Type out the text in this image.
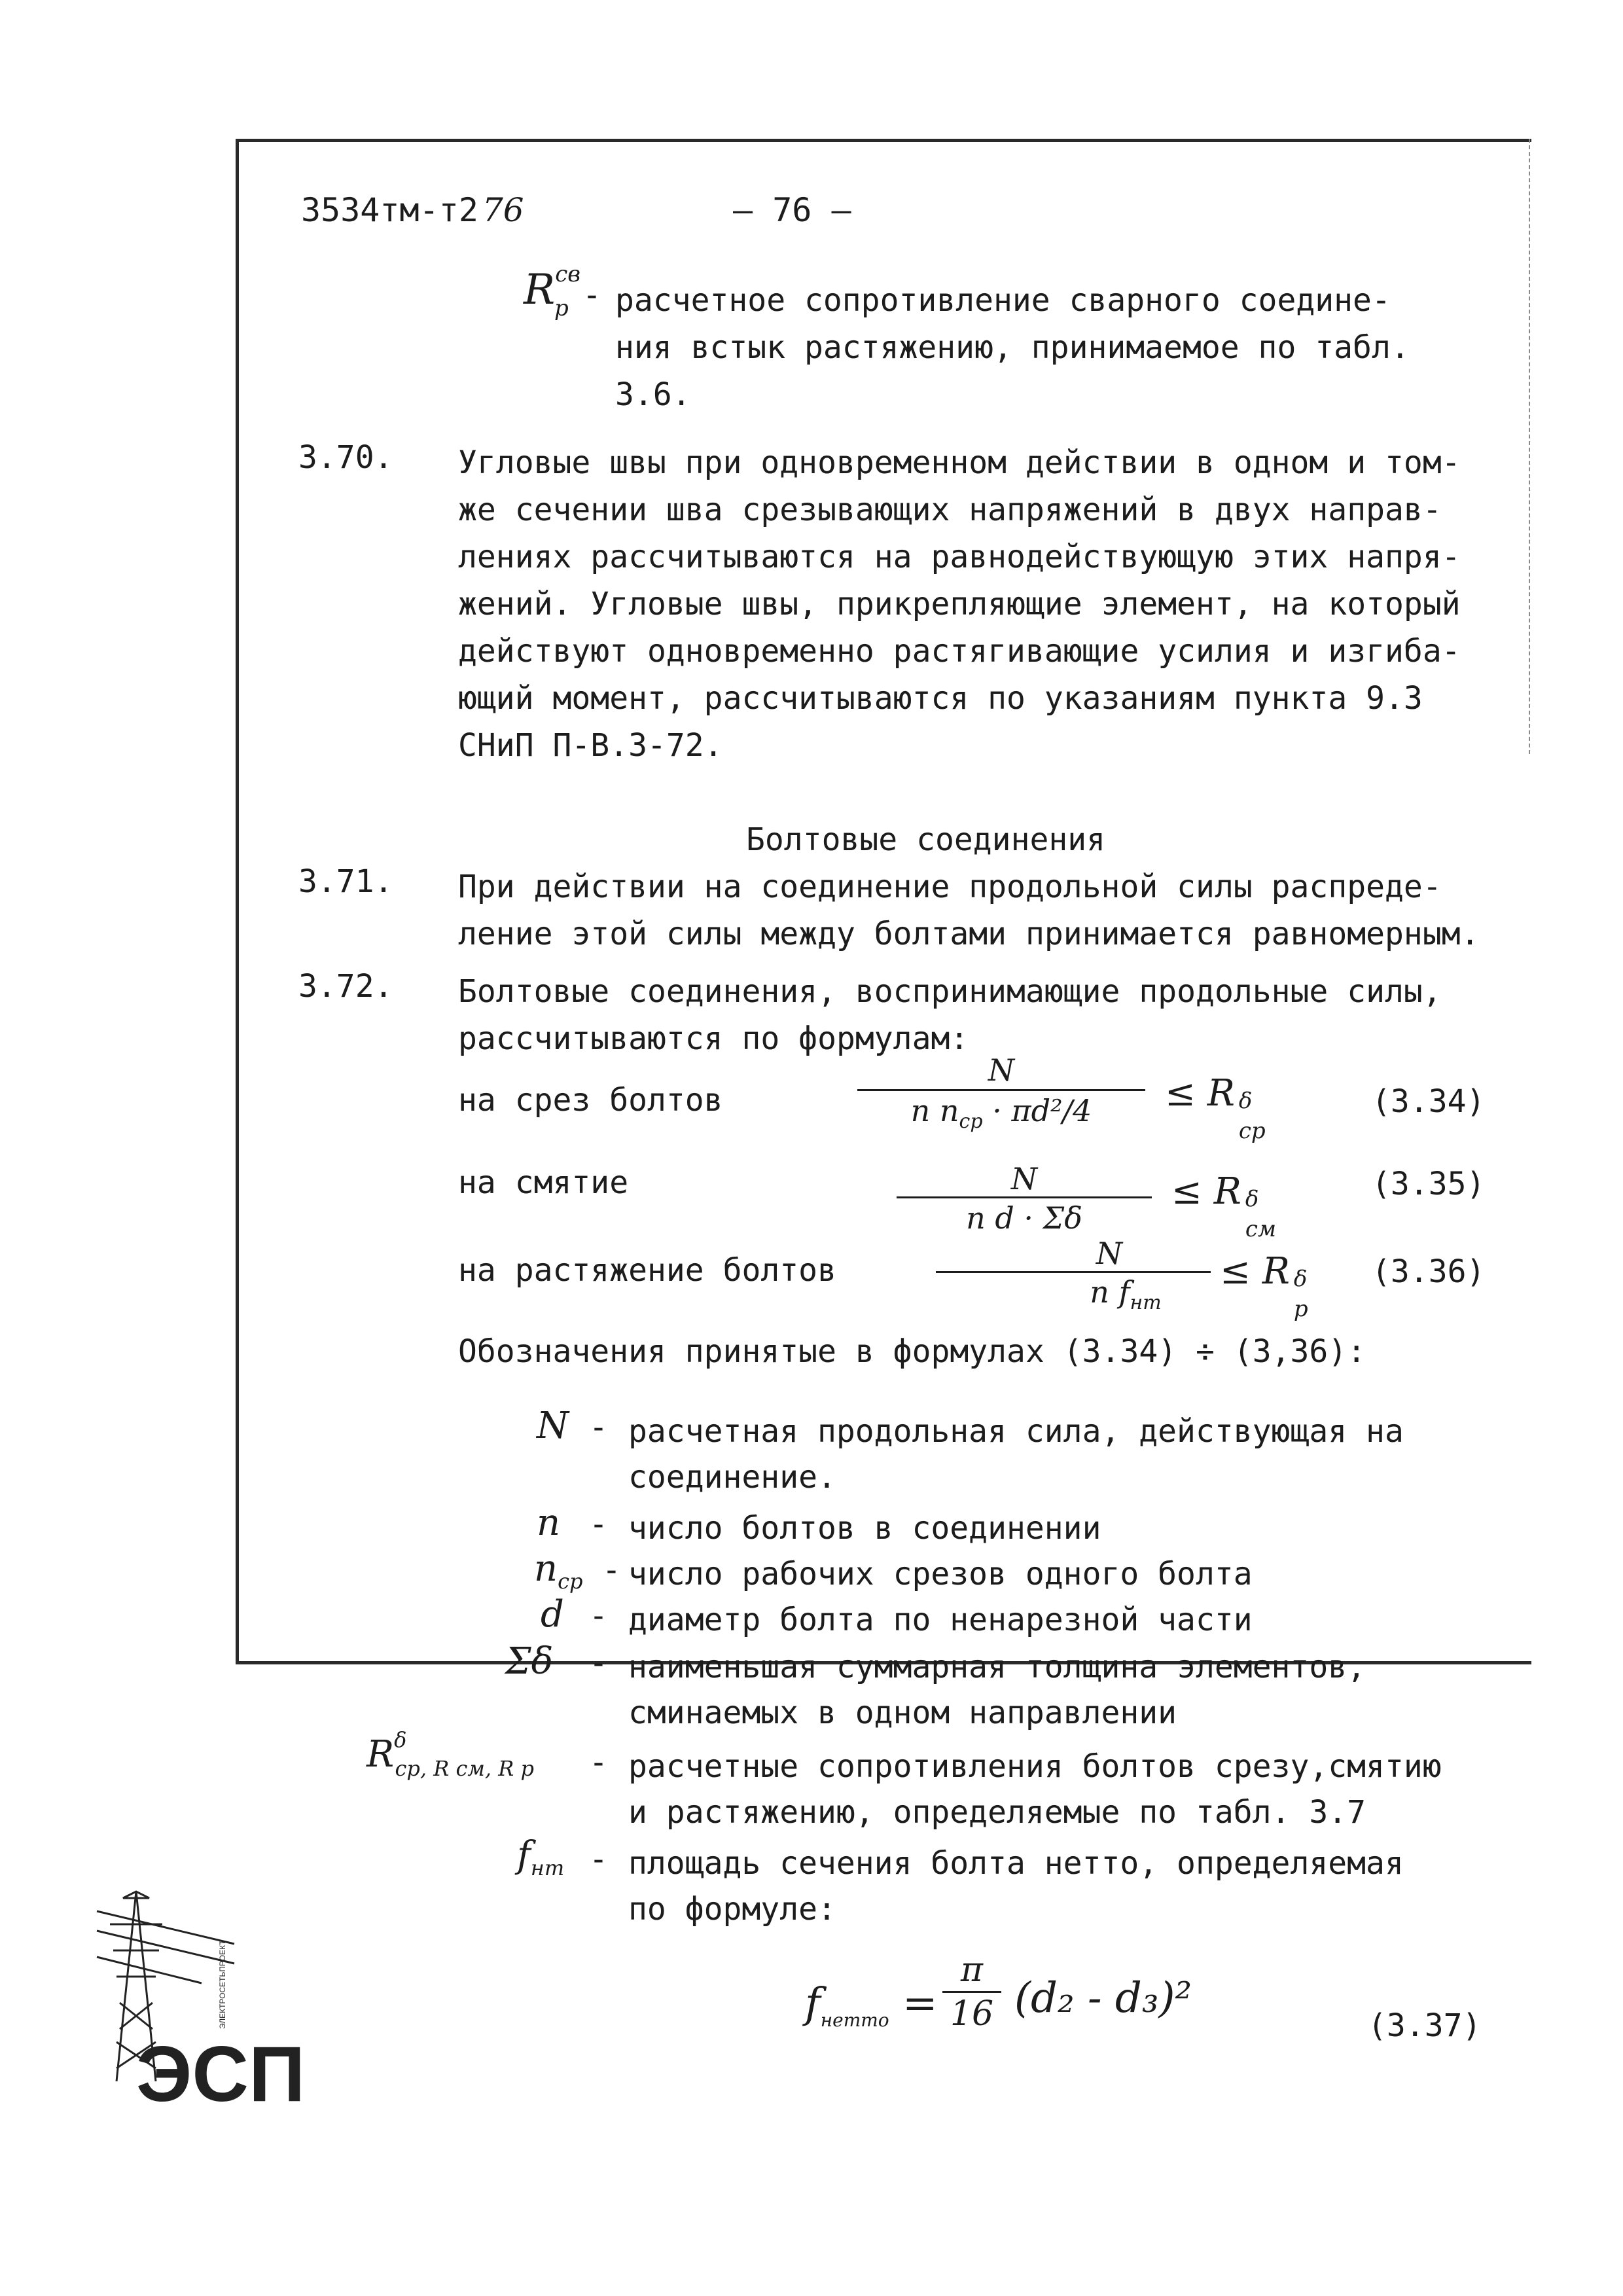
3534тм-т2 76	— 76 —
$R^{св}_р$ - расчетное сопротивление сварного соедине-
ния встык растяжению, принимаемое по табл.
3.6.
3.70. Угловые швы при одновременном действии в одном и том-
же сечении шва срезывающих напряжений в двух направ-
лениях рассчитываются на равнодействующую этих напря-
жений. Угловые швы, прикрепляющие элемент, на который
действуют одновременно растягивающие усилия и изгиба-
ющий момент, рассчитываются по указаниям пункта 9.3
СНиП П-В.3-72.
Болтовые соединения
3.71. При действии на соединение продольной силы распреде-
ление этой силы между болтами принимается равномерным.
3.72. Болтовые соединения, воспринимающие продольные силы,
рассчитываются по формулам:
на срез болтов
N
n $n_{ср} \cdot \pi d^2/4$	≤ R δ
ср
(3.34)
на смятие	$\frac{N}{\text{n d · Σδ}} \le R$ δ
см
(3.35)
на растяжение болтов	N
n $f_{нт}$
≤ R δ
р
(3.36)
Обозначения принятые в формулах (3.34) ÷ (3,36):
N - расчетная продольная сила, действующая на
соединение.
n - число болтов в соединении
$n_{ср}$ - число рабочих срезов одного болта
d - диаметр болта по ненарезной части
Σδ - наименьшая суммарная толщина элементов,
сминаемых в одном направлении
$R^\delta_{ср, R см, R р}$	- расчетные сопротивления болтов срезу,смятию
и растяжению, определяемые по табл. 3.7
$f_{нт}$ - площадь сечения болта нетто, определяемая
по формуле:
$f_{нетто} = \frac{\pi}{16} (d_2 - d_3)^2$
(3.37)
ЭСП
ЭЛЕКТРОСЕТЬПРОЕКТ
